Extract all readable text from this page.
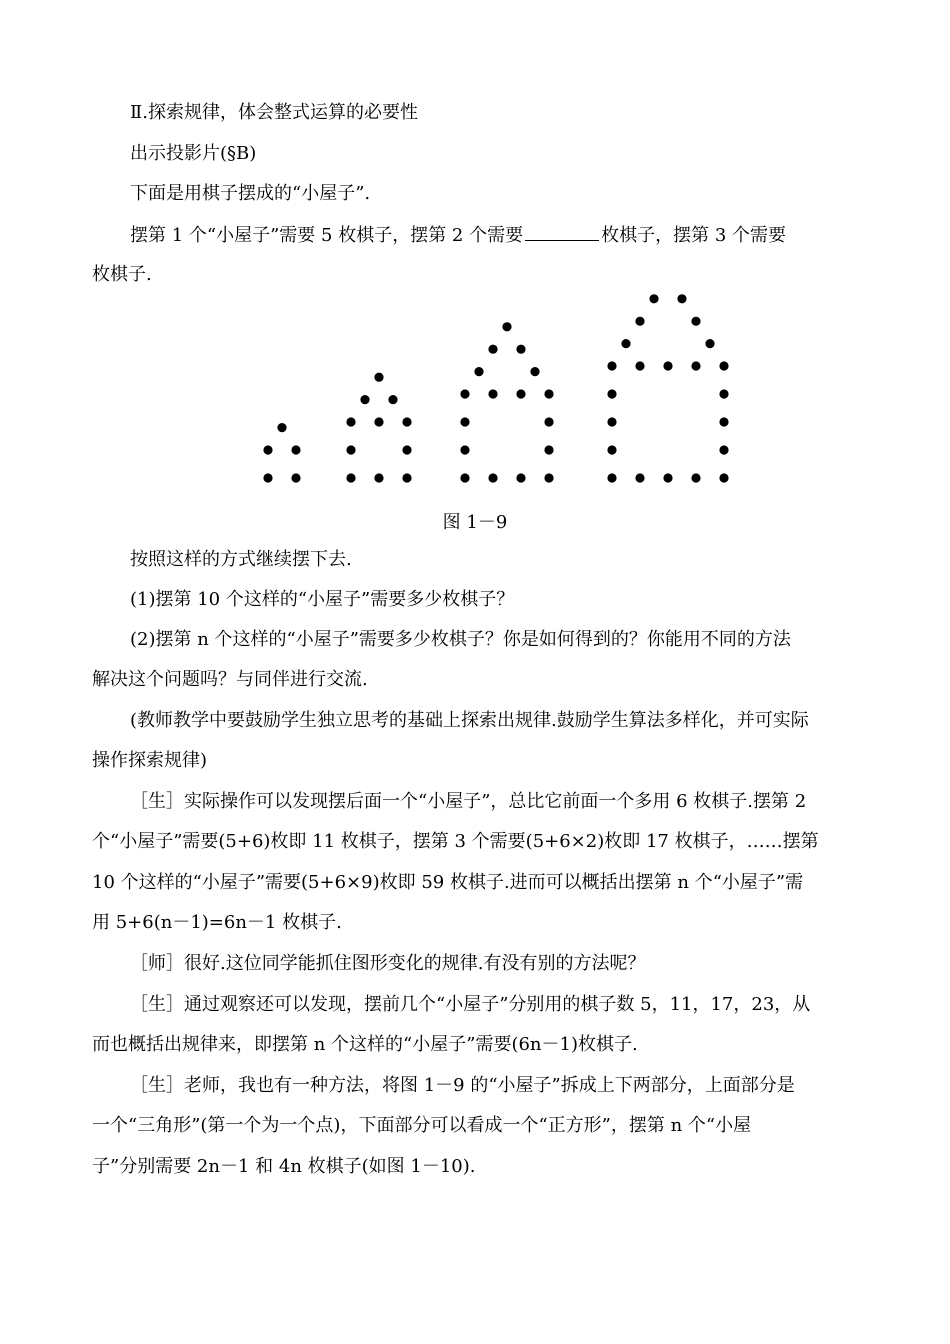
Ⅱ.探索规律，体会整式运算的必要性
出示投影片(§B)
下面是用棋子摆成的“小屋子”.
摆第 1 个“小屋子”需要 5 枚棋子，摆第 2 个需要	枚棋子，摆第 3 个需要
枚棋子.
图 1－9
按照这样的方式继续摆下去.
(1)摆第 10 个这样的“小屋子”需要多少枚棋子？
(2)摆第 n 个这样的“小屋子”需要多少枚棋子？你是如何得到的？你能用不同的方法
解决这个问题吗？与同伴进行交流.
(教师教学中要鼓励学生独立思考的基础上探索出规律.鼓励学生算法多样化，并可实际
操作探索规律)
［生］实际操作可以发现摆后面一个“小屋子”，总比它前面一个多用 6 枚棋子.摆第 2
个“小屋子”需要(5+6)枚即 11 枚棋子，摆第 3 个需要(5+6×2)枚即 17 枚棋子，……摆第
10 个这样的“小屋子”需要(5+6×9)枚即 59 枚棋子.进而可以概括出摆第 n 个“小屋子”需
用 5+6(n－1)=6n－1 枚棋子.
［师］很好.这位同学能抓住图形变化的规律.有没有别的方法呢？
［生］通过观察还可以发现，摆前几个“小屋子”分别用的棋子数 5，11，17，23，从
而也概括出规律来，即摆第 n 个这样的“小屋子”需要(6n－1)枚棋子.
［生］老师，我也有一种方法，将图 1－9 的“小屋子”拆成上下两部分，上面部分是
一个“三角形”(第一个为一个点)，下面部分可以看成一个“正方形”，摆第 n 个“小屋
子”分别需要 2n－1 和 4n 枚棋子(如图 1－10).
